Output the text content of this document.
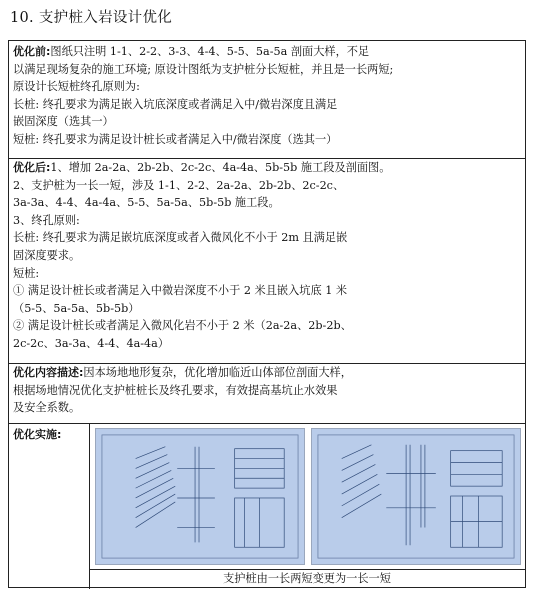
10. 支护桩入岩设计优化
优化前:图纸只注明 1-1、2-2、3-3、4-4、5-5、5a-5a 剖面大样，不足
以满足现场复杂的施工环境; 原设计图纸为支护桩分长短桩，并且是一长两短;
原设计长短桩终孔原则为:
长桩: 终孔要求为满足嵌入坑底深度或者满足入中/微岩深度且满足
嵌固深度（选其一）
短桩: 终孔要求为满足设计桩长或者满足入中/微岩深度（选其一）
优化后:1、增加 2a-2a、2b-2b、2c-2c、4a-4a、5b-5b 施工段及剖面图。
2、支护桩为一长一短，涉及 1-1、2-2、2a-2a、2b-2b、2c-2c、
3a-3a、4-4、4a-4a、5-5、5a-5a、5b-5b 施工段。
3、终孔原则:
长桩: 终孔要求为满足嵌坑底深度或者入微风化不小于 2m 且满足嵌
固深度要求。
短桩:
① 满足设计桩长或者满足入中微岩深度不小于 2 米且嵌入坑底 1 米
（5-5、5a-5a、5b-5b）
② 满足设计桩长或者满足入微风化岩不小于 2 米（2a-2a、2b-2b、
2c-2c、3a-3a、4-4、4a-4a）
优化内容描述:因本场地地形复杂，优化增加临近山体部位剖面大样，
根据场地情况优化支护桩桩长及终孔要求，有效提高基坑止水效果
及安全系数。
优化实施:
支护桩由一长两短变更为一长一短
